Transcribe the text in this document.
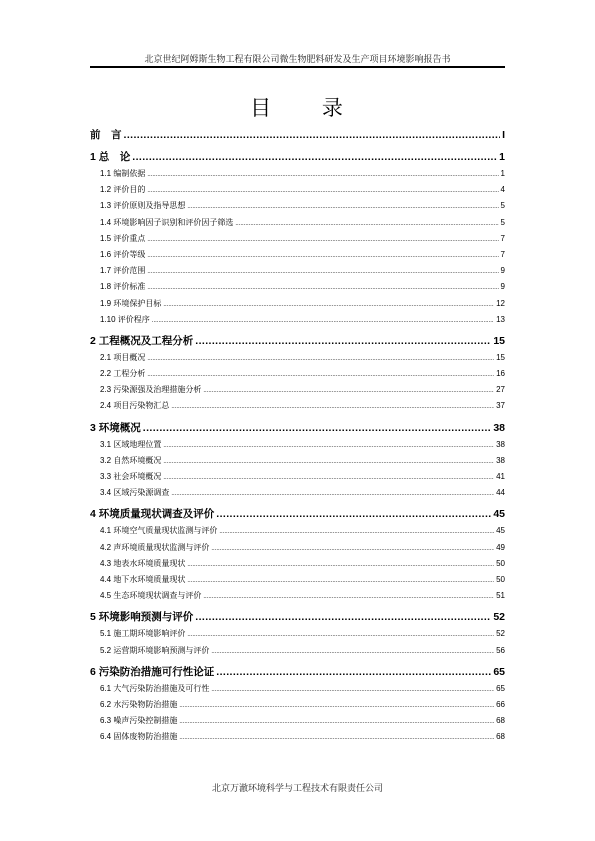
北京世纪阿姆斯生物工程有限公司微生物肥料研发及生产项目环境影响报告书
目 录
前　言 .....	I
1 总　论 .....	1
1.1 编制依据 .....	1
1.2 评价目的 .....	4
1.3 评价原则及指导思想 .....	5
1.4 环境影响因子识别和评价因子筛选 .....	5
1.5 评价重点 .....	7
1.6 评价等级 .....	7
1.7 评价范围 .....	9
1.8 评价标准 .....	9
1.9 环境保护目标 .....	12
1.10 评价程序 .....	13
2 工程概况及工程分析 .....	15
2.1 项目概况 .....	15
2.2 工程分析 .....	16
2.3 污染源强及治理措施分析 .....	27
2.4 项目污染物汇总 .....	37
3 环境概况 .....	38
3.1 区域地理位置 .....	38
3.2 自然环境概况 .....	38
3.3 社会环境概况 .....	41
3.4 区域污染源调查 .....	44
4 环境质量现状调查及评价 .....	45
4.1 环境空气质量现状监测与评价 .....	45
4.2 声环境质量现状监测与评价 .....	49
4.3 地表水环境质量现状 .....	50
4.4 地下水环境质量现状 .....	50
4.5 生态环境现状调查与评价 .....	51
5 环境影响预测与评价 .....	52
5.1 施工期环境影响评价 .....	52
5.2 运营期环境影响预测与评价 .....	56
6 污染防治措施可行性论证 .....	65
6.1 大气污染防治措施及可行性 .....	65
6.2 水污染物防治措施 .....	66
6.3 噪声污染控制措施 .....	68
6.4 固体废物防治措施 .....	68
北京万澈环境科学与工程技术有限责任公司
